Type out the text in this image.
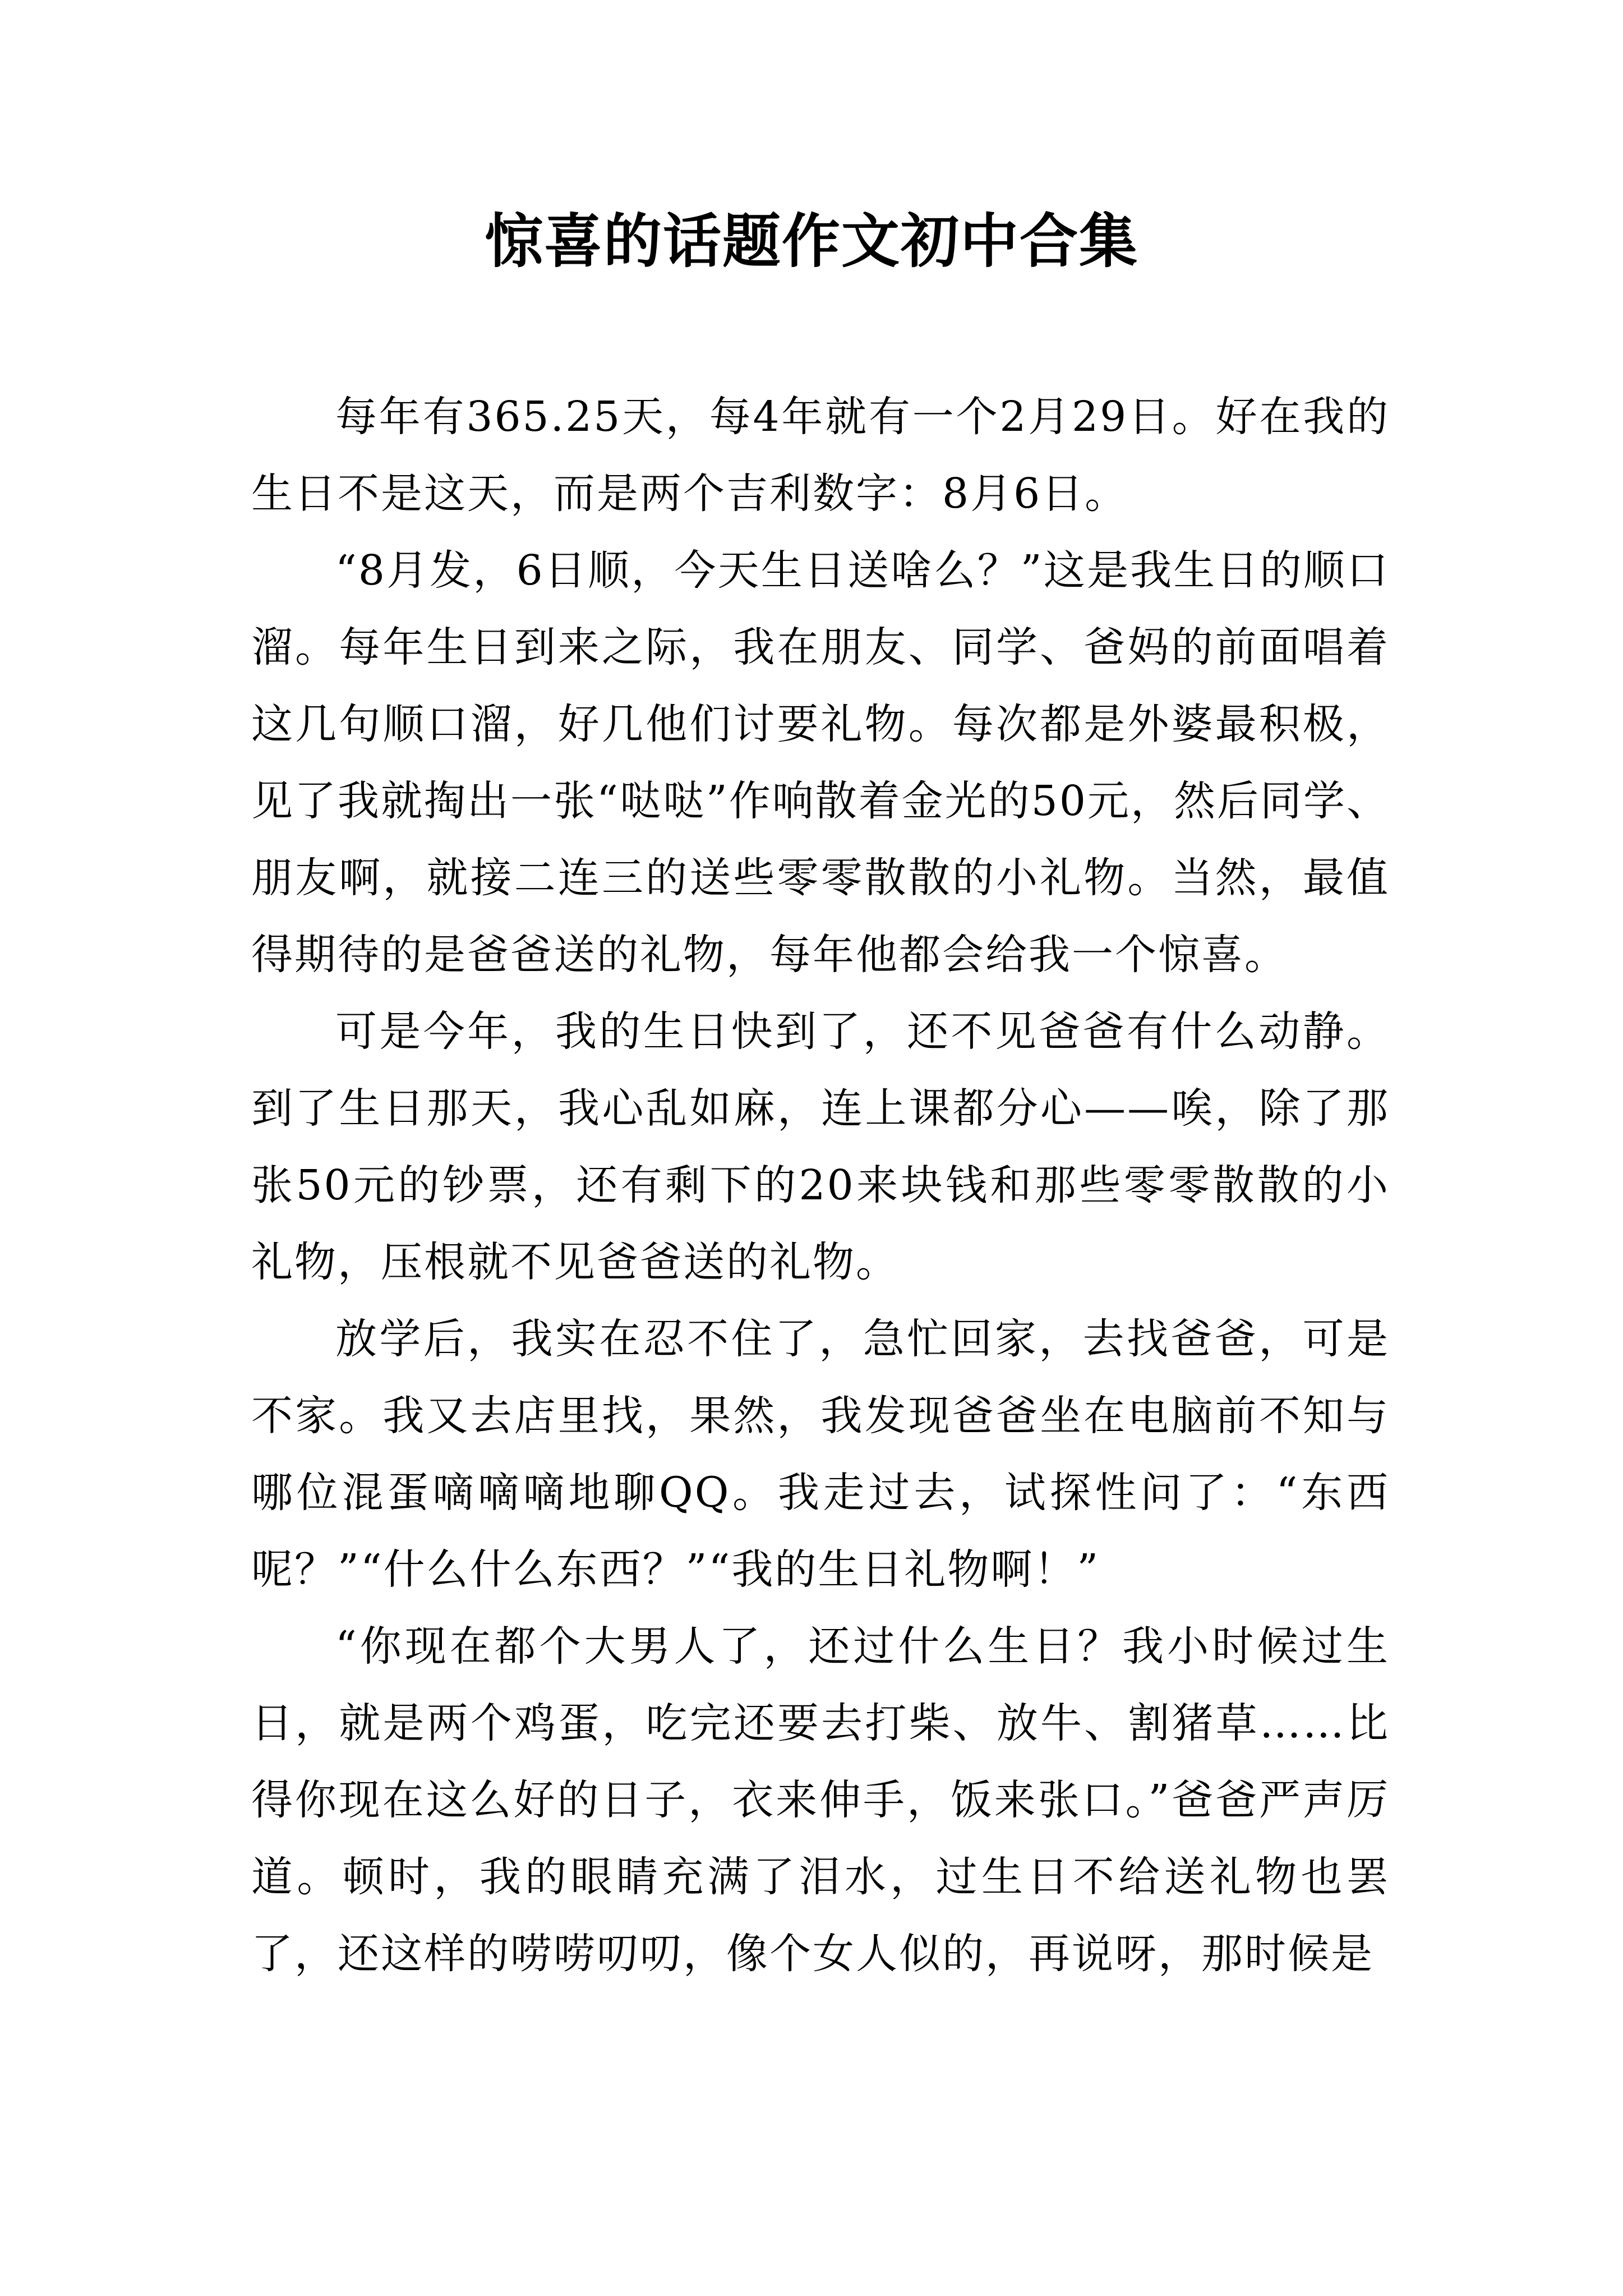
惊喜的话题作文初中合集

每年有365.25天，每4年就有一个2月29日。好在我的生日不是这天，而是两个吉利数字：8月6日。

“8月发，6日顺，今天生日送啥么？”这是我生日的顺口溜。每年生日到来之际，我在朋友、同学、爸妈的前面唱着这几句顺口溜，好几他们讨要礼物。每次都是外婆最积极，见了我就掏出一张“哒哒”作响散着金光的50元，然后同学、朋友啊，就接二连三的送些零零散散的小礼物。当然，最值得期待的是爸爸送的礼物，每年他都会给我一个惊喜。

可是今年，我的生日快到了，还不见爸爸有什么动静。到了生日那天，我心乱如麻，连上课都分心——唉，除了那张50元的钞票，还有剩下的20来块钱和那些零零散散的小礼物，压根就不见爸爸送的礼物。

放学后，我实在忍不住了，急忙回家，去找爸爸，可是不家。我又去店里找，果然，我发现爸爸坐在电脑前不知与哪位混蛋嘀嘀嘀地聊QQ。我走过去，试探性问了：“东西呢？”“什么什么东西？”“我的生日礼物啊！”

“你现在都个大男人了，还过什么生日？我小时候过生日，就是两个鸡蛋，吃完还要去打柴、放牛、割猪草……比得你现在这么好的日子，衣来伸手，饭来张口。”爸爸严声厉道。顿时，我的眼睛充满了泪水，过生日不给送礼物也罢了，还这样的唠唠叨叨，像个女人似的，再说呀，那时候是
